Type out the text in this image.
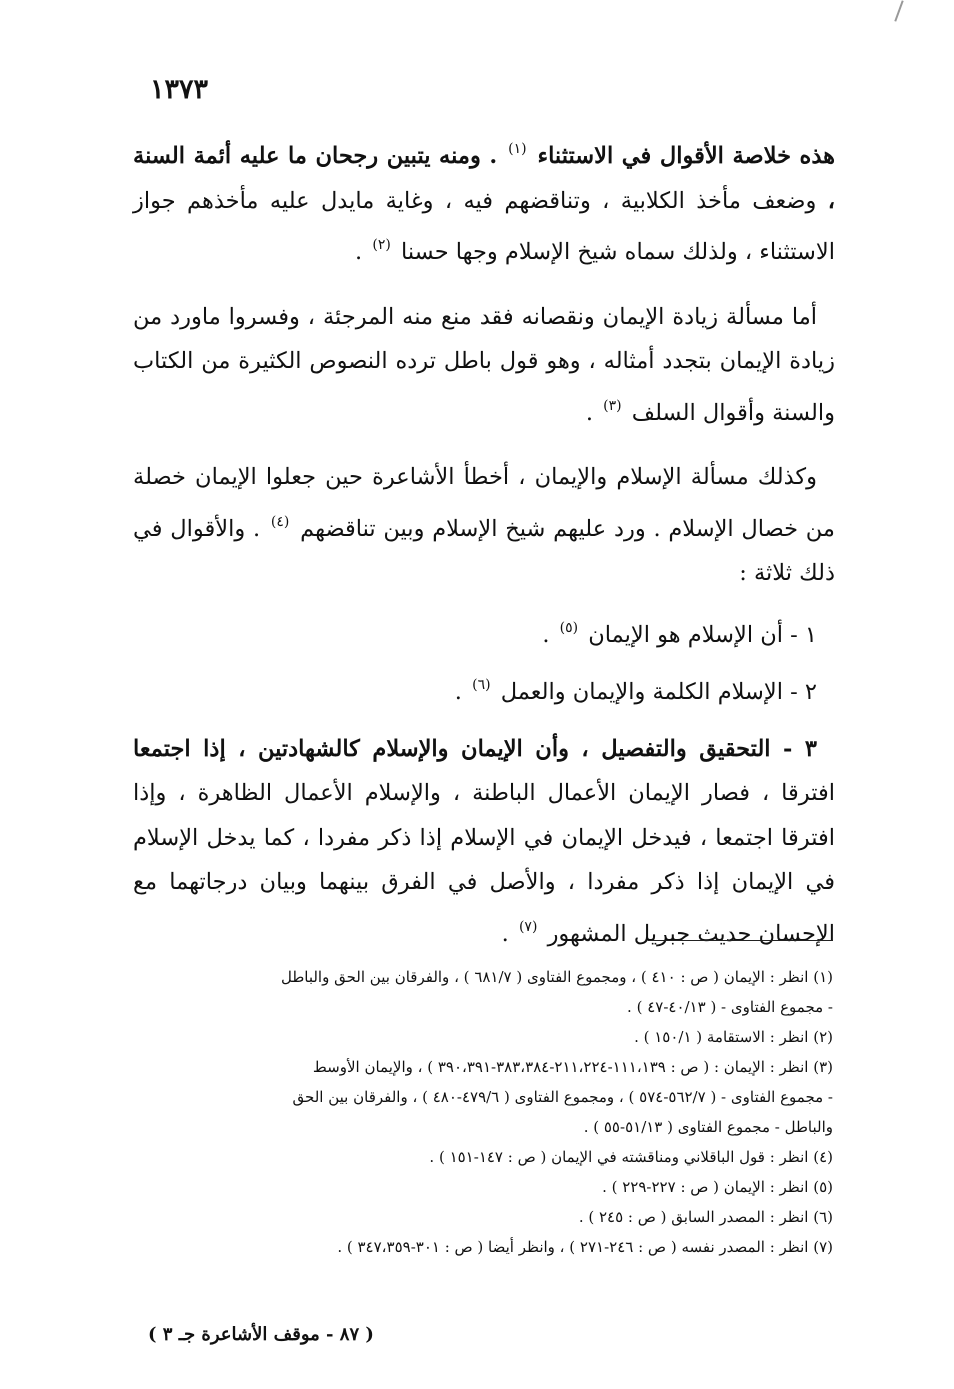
١٣٧٣

هذه خلاصة الأقوال في الاستثناء $^{(١)}$ . ومنه يتبين رجحان ما عليه أئمة السنة ، وضعف مأخذ الكلابية ، وتناقضهم فيه ، وغاية مايدل عليه مأخذهم جواز الاستثناء ، ولذلك سماه شيخ الإسلام وجها حسنا $^{(٢)}$ .

أما مسألة زيادة الإيمان ونقصانه فقد منع منه المرجئة ، وفسروا ماورد من زيادة الإيمان بتجدد أمثاله ، وهو قول باطل ترده النصوص الكثيرة من الكتاب والسنة وأقوال السلف $^{(٣)}$ .

وكذلك مسألة الإسلام والإيمان ، أخطأ الأشاعرة حين جعلوا الإيمان خصلة من خصال الإسلام . ورد عليهم شيخ الإسلام وبين تناقضهم $^{(٤)}$ . والأقوال في ذلك ثلاثة :

١ - أن الإسلام هو الإيمان $^{(٥)}$ .

٢ - الإسلام الكلمة والإيمان والعمل $^{(٦)}$ .

٣ - التحقيق والتفصيل ، وأن الإيمان والإسلام كالشهادتين ، إذا اجتمعا افترقا ، فصار الإيمان الأعمال الباطنة ، والإسلام الأعمال الظاهرة ، وإذا افترقا اجتمعا ، فيدخل الإيمان في الإسلام إذا ذكر مفردا ، كما يدخل الإسلام في الإيمان إذا ذكر مفردا ، والأصل في الفرق بينهما وبيان درجاتهما مع الإحسان حديث جبريل المشهور $^{(٧)}$ .

(١) انظر : الإيمان ( ص : ٤١٠ ) ، ومجموع الفتاوى ( ٦٨١/٧ ) ، والفرقان بين الحق والباطل

- مجموع الفتاوى - ( ٤٠/١٣-٤٧ ) .

(٢) انظر : الاستقامة ( ١٥٠/١ ) .

(٣) انظر : الإيمان : ( ص : ١١١،١٣٩-٢١١،٢٢٤-٣٨٣،٣٨٤-٣٩٠،٣٩١ ) ، والإيمان الأوسط

- مجموع الفتاوى - ( ٥٦٢/٧-٥٧٤ ) ، ومجموع الفتاوى ( ٤٧٩/٦-٤٨٠ ) ، والفرقان بين الحق

والباطل - مجموع الفتاوى ( ٥١/١٣-٥٥ ) .

(٤) انظر : قول الباقلاني ومناقشته في الإيمان ( ص : ١٤٧-١٥١ ) .

(٥) انظر : الإيمان ( ص : ٢٢٧-٢٢٩ ) .

(٦) انظر : المصدر السابق ( ص : ٢٤٥ ) .

(٧) انظر : المصدر نفسه ( ص : ٢٤٦-٢٧١ ) ، وانظر أيضا ( ص : ٣٠١-٣٤٧،٣٥٩ ) .

( ٨٧ - موقف الأشاعرة جـ ٣ )
